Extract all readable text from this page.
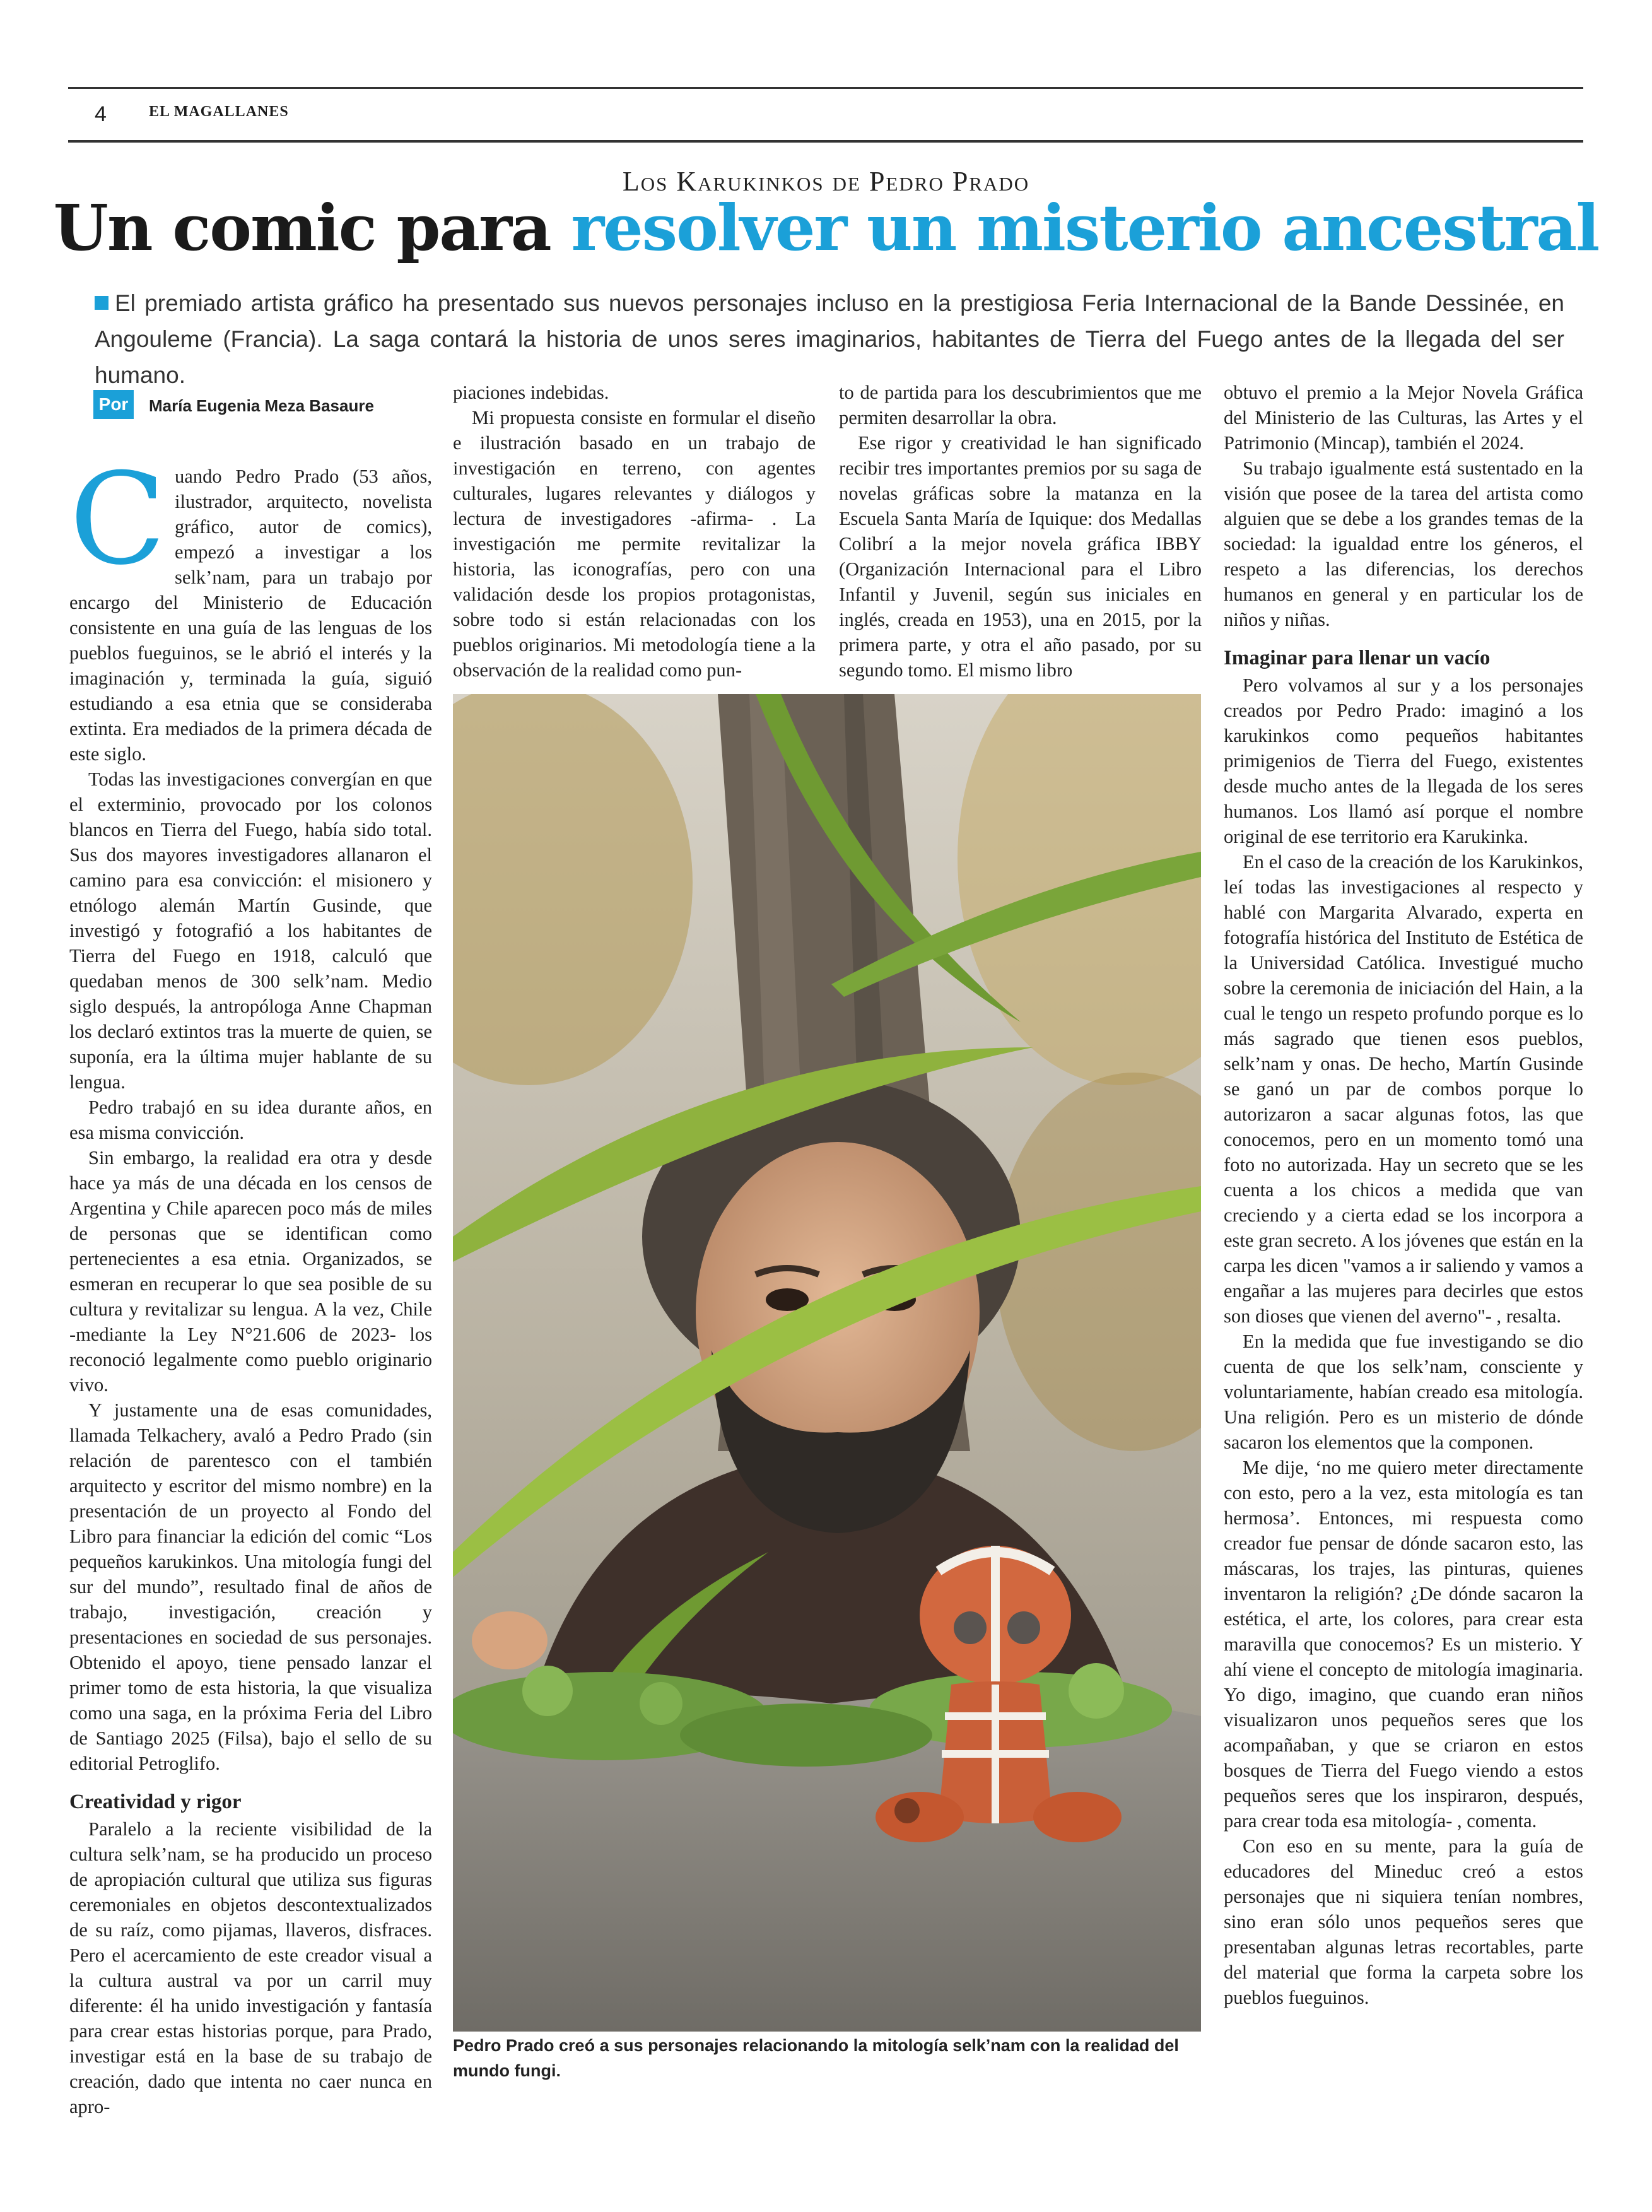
4	EL MAGALLANES
Los Karukinkos de Pedro Prado
Un comic para resolver un misterio ancestral
El premiado artista gráfico ha presentado sus nuevos personajes incluso en la prestigiosa Feria Internacional de la Bande Dessinée, en Angouleme (Francia). La saga contará la historia de unos seres imaginarios, habitantes de Tierra del Fuego antes de la llegada del ser humano.
Por	María Eugenia Meza Basaure

Cuando Pedro Prado (53 años, ilustrador, arquitecto, novelista gráfico, autor de comics), empezó a investigar a los selk’nam, para un trabajo por encargo del Ministerio de Educación consistente en una guía de las lenguas de los pueblos fueguinos, se le abrió el interés y la imaginación y, terminada la guía, siguió estudiando a esa etnia que se consideraba extinta. Era mediados de la primera década de este siglo.

Todas las investigaciones convergían en que el exterminio, provocado por los colonos blancos en Tierra del Fuego, había sido total. Sus dos mayores investigadores allanaron el camino para esa convicción: el misionero y etnólogo alemán Martín Gusinde, que investigó y fotografió a los habitantes de Tierra del Fuego en 1918, calculó que quedaban menos de 300 selk’nam. Medio siglo después, la antropóloga Anne Chapman los declaró extintos tras la muerte de quien, se suponía, era la última mujer hablante de su lengua.

Pedro trabajó en su idea durante años, en esa misma convicción.

Sin embargo, la realidad era otra y desde hace ya más de una década en los censos de Argentina y Chile aparecen poco más de miles de personas que se identifican como pertenecientes a esa etnia. Organizados, se esmeran en recuperar lo que sea posible de su cultura y revitalizar su lengua. A la vez, Chile -mediante la Ley N°21.606 de 2023- los reconoció legalmente como pueblo originario vivo.

Y justamente una de esas comunidades, llamada Telkachery, avaló a Pedro Prado (sin relación de parentesco con el también arquitecto y escritor del mismo nombre) en la presentación de un proyecto al Fondo del Libro para financiar la edición del comic “Los pequeños karukinkos. Una mitología fungi del sur del mundo”, resultado final de años de trabajo, investigación, creación y presentaciones en sociedad de sus personajes. Obtenido el apoyo, tiene pensado lanzar el primer tomo de esta historia, la que visualiza como una saga, en la próxima Feria del Libro de Santiago 2025 (Filsa), bajo el sello de su editorial Petroglifo.

Creatividad y rigor

Paralelo a la reciente visibilidad de la cultura selk’nam, se ha producido un proceso de apropiación cultural que utiliza sus figuras ceremoniales en objetos descontextualizados de su raíz, como pijamas, llaveros, disfraces. Pero el acercamiento de este creador visual a la cultura austral va por un carril muy diferente: él ha unido investigación y fantasía para crear estas historias porque, para Prado, investigar está en la base de su trabajo de creación, dado que intenta no caer nunca en apro-

piaciones indebidas.

Mi propuesta consiste en formular el diseño e ilustración basado en un trabajo de investigación en terreno, con agentes culturales, lugares relevantes y diálogos y lectura de investigadores -afirma- . La investigación me permite revitalizar la historia, las iconografías, pero con una validación desde los propios protagonistas, sobre todo si están relacionadas con los pueblos originarios. Mi metodología tiene a la observación de la realidad como pun-

to de partida para los descubrimientos que me permiten desarrollar la obra.

Ese rigor y creatividad le han significado recibir tres importantes premios por su saga de novelas gráficas sobre la matanza en la Escuela Santa María de Iquique: dos Medallas Colibrí a la mejor novela gráfica IBBY (Organización Internacional para el Libro Infantil y Juvenil, según sus iniciales en inglés, creada en 1953), una en 2015, por la primera parte, y otra el año pasado, por su segundo tomo. El mismo libro

obtuvo el premio a la Mejor Novela Gráfica del Ministerio de las Culturas, las Artes y el Patrimonio (Mincap), también el 2024.

Su trabajo igualmente está sustentado en la visión que posee de la tarea del artista como alguien que se debe a los grandes temas de la sociedad: la igualdad entre los géneros, el respeto a las diferencias, los derechos humanos en general y en particular los de niños y niñas.

Imaginar para llenar un vacío

Pero volvamos al sur y a los personajes creados por Pedro Prado: imaginó a los karukinkos como pequeños habitantes primigenios de Tierra del Fuego, existentes desde mucho antes de la llegada de los seres humanos. Los llamó así porque el nombre original de ese territorio era Karukinka.

En el caso de la creación de los Karukinkos, leí todas las investigaciones al respecto y hablé con Margarita Alvarado, experta en fotografía histórica del Instituto de Estética de la Universidad Católica. Investigué mucho sobre la ceremonia de iniciación del Hain, a la cual le tengo un respeto profundo porque es lo más sagrado que tienen esos pueblos, selk’nam y onas. De hecho, Martín Gusinde se ganó un par de combos porque lo autorizaron a sacar algunas fotos, las que conocemos, pero en un momento tomó una foto no autorizada. Hay un secreto que se les cuenta a los chicos a medida que van creciendo y a cierta edad se los incorpora a este gran secreto. A los jóvenes que están en la carpa les dicen "vamos a ir saliendo y vamos a engañar a las mujeres para decirles que estos son dioses que vienen del averno"- , resalta.

En la medida que fue investigando se dio cuenta de que los selk’nam, consciente y voluntariamente, habían creado esa mitología. Una religión. Pero es un misterio de dónde sacaron los elementos que la componen.

Me dije, ‘no me quiero meter directamente con esto, pero a la vez, esta mitología es tan hermosa’. Entonces, mi respuesta como creador fue pensar de dónde sacaron esto, las máscaras, los trajes, las pinturas, quienes inventaron la religión? ¿De dónde sacaron la estética, el arte, los colores, para crear esta maravilla que conocemos? Es un misterio. Y ahí viene el concepto de mitología imaginaria. Yo digo, imagino, que cuando eran niños visualizaron unos pequeños seres que los acompañaban, y que se criaron en estos bosques de Tierra del Fuego viendo a estos pequeños seres que los inspiraron, después, para crear toda esa mitología- , comenta.

Con eso en su mente, para la guía de educadores del Mineduc creó a estos personajes que ni siquiera tenían nombres, sino eran sólo unos pequeños seres que presentaban algunas letras recortables, parte del material que forma la carpeta sobre los pueblos fueguinos.

Pedro Prado creó a sus personajes relacionando la mitología selk’nam con la realidad del mundo fungi.
